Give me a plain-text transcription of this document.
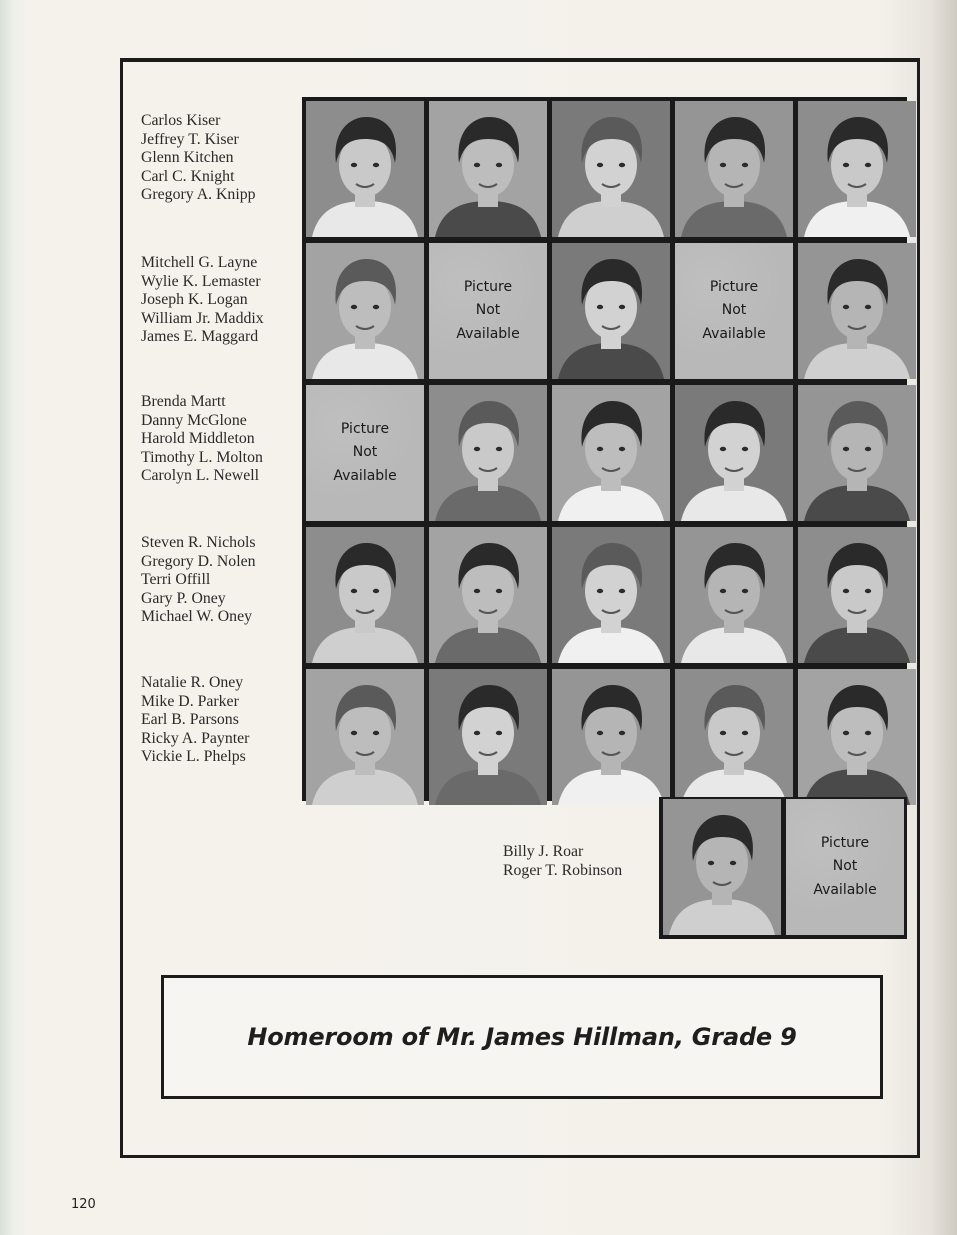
Carlos Kiser
Jeffrey T. Kiser
Glenn Kitchen
Carl C. Knight
Gregory A. Knipp
Mitchell G. Layne
Wylie K. Lemaster
Joseph K. Logan
William Jr. Maddix
James E. Maggard
Brenda Martt
Danny McGlone
Harold Middleton
Timothy L. Molton
Carolyn L. Newell
Steven R. Nichols
Gregory D. Nolen
Terri Offill
Gary P. Oney
Michael W. Oney
Natalie R. Oney
Mike D. Parker
Earl B. Parsons
Ricky A. Paynter
Vickie L. Phelps
Picture
Not
Available
Picture
Not
Available
Picture
Not
Available
Picture
Not
Available
Billy J. Roar
Roger T. Robinson
Homeroom of Mr. James Hillman, Grade 9
120
